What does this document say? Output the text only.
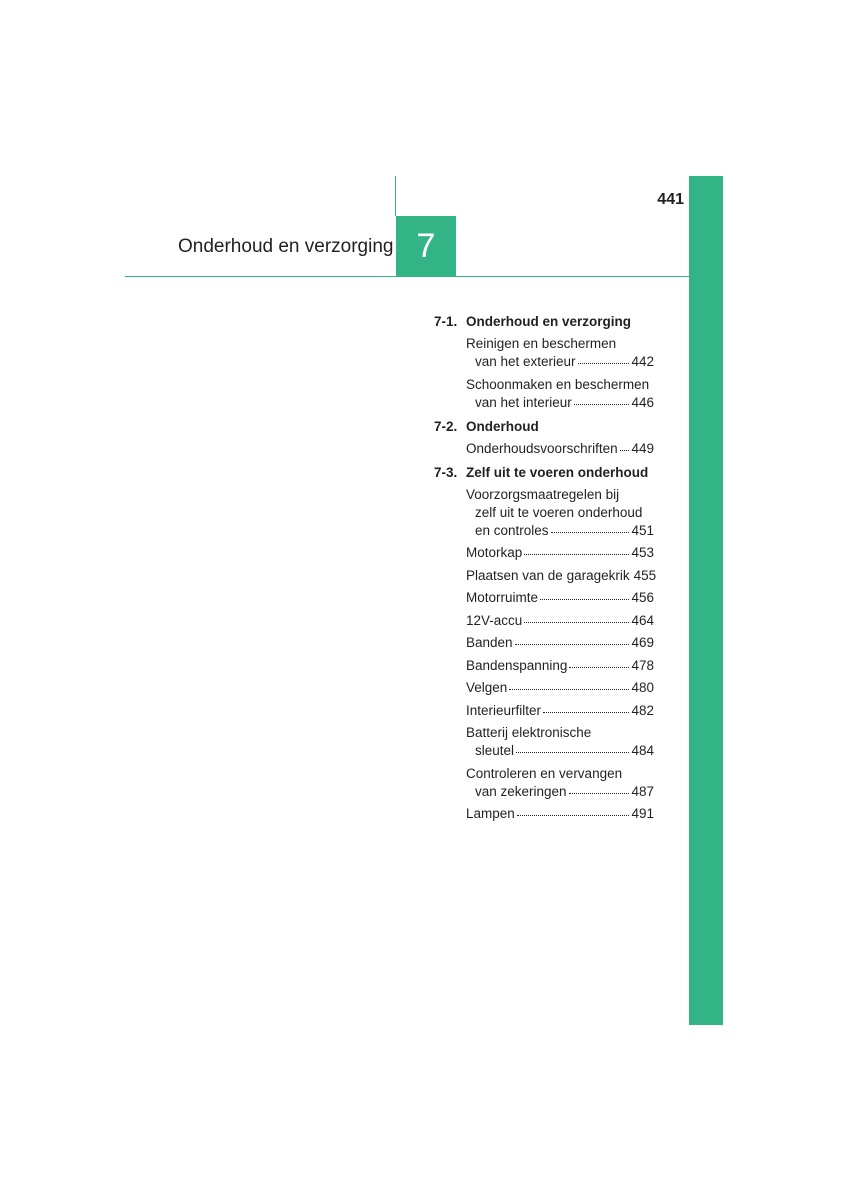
7
Onderhoud en verzorging
441
7-1. Onderhoud en verzorging
Reinigen en beschermen
van het exterieur	442
Schoonmaken en beschermen
van het interieur	446
7-2. Onderhoud
Onderhoudsvoorschriften 449
7-3. Zelf uit te voeren onderhoud
Voorzorgsmaatregelen bij
zelf uit te voeren onderhoud
en controles	451
Motorkap	453
Plaatsen van de garagekrik 455
Motorruimte	456
12V-accu	464
Banden	469
Bandenspanning	478
Velgen	480
Interieurfilter	482
Batterij elektronische
sleutel	484
Controleren en vervangen
van zekeringen	487
Lampen	491
